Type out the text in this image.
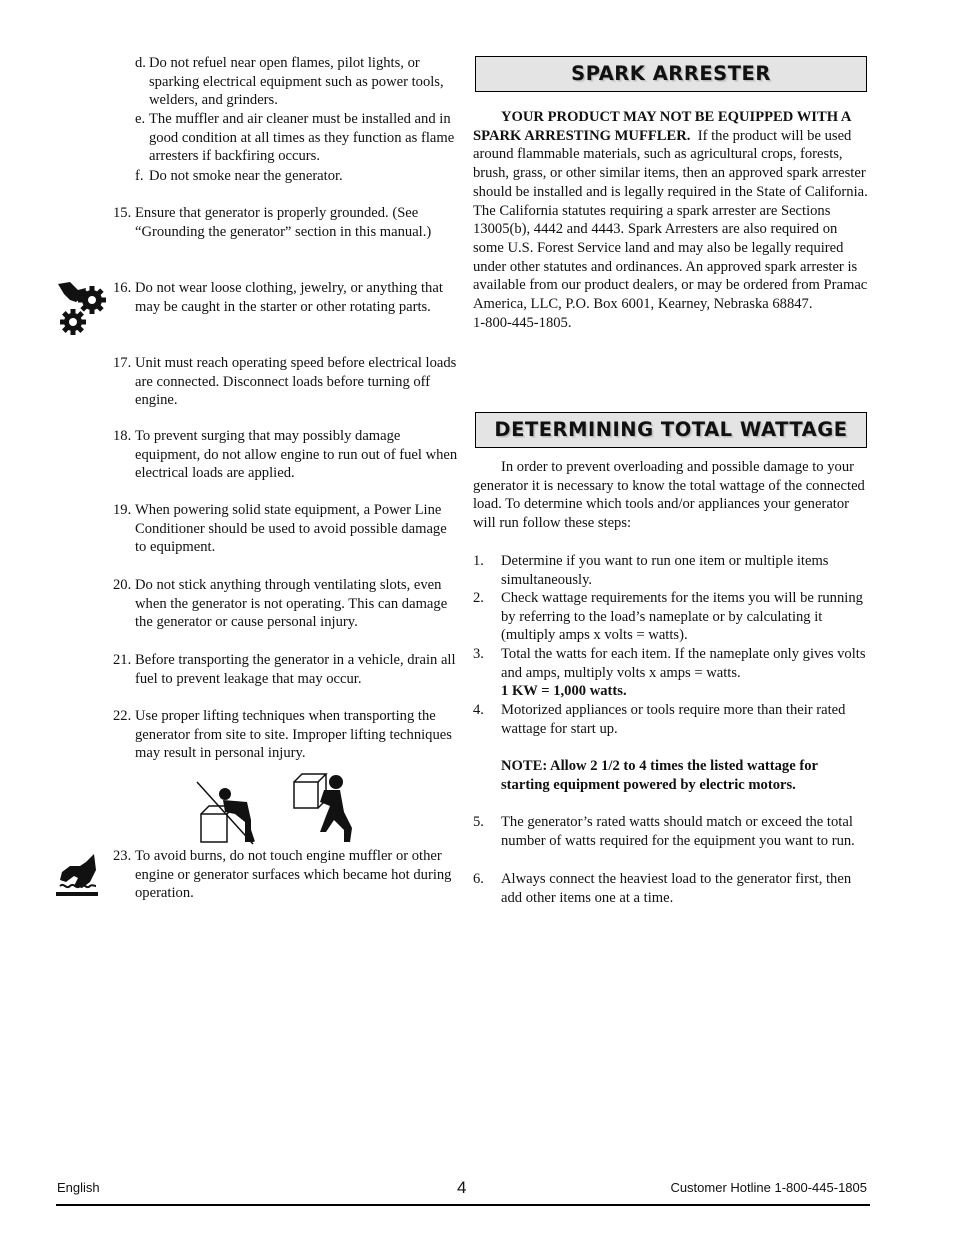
d. Do not refuel near open flames, pilot lights, or sparking electrical equipment such as power tools, welders, and grinders.
e. The muffler and air cleaner must be installed and in good condition at all times as they function as flame arresters if backfiring occurs.
f. Do not smoke near the generator.
15. Ensure that generator is properly grounded. (See “Grounding the generator” section in this manual.)
16. Do not wear loose clothing, jewelry, or anything that may be caught in the starter or other rotating parts.
17. Unit must reach operating speed before electrical loads are connected. Disconnect loads before turning off engine.
18. To prevent surging that may possibly damage equipment, do not allow engine to run out of fuel when electrical loads are applied.
19. When powering solid state equipment, a Power Line Conditioner should be used to avoid possible damage to equipment.
20. Do not stick anything through ventilating slots, even when the generator is not operating. This can damage the generator or cause personal injury.
21. Before transporting the generator in a vehicle, drain all fuel to prevent leakage that may occur.
22. Use proper lifting techniques when transporting the generator from site to site. Improper lifting techniques may result in personal injury.
23. To avoid burns, do not touch engine muffler or other engine or generator surfaces which became hot during operation.
SPARK ARRESTER
YOUR PRODUCT MAY NOT BE EQUIPPED WITH A SPARK ARRESTING MUFFLER. If the product will be used around flammable materials, such as agricultural crops, forests, brush, grass, or other similar items, then an approved spark arrester should be installed and is legally required in the State of California. The California statutes requiring a spark arrester are Sections 13005(b), 4442 and 4443. Spark Arresters are also required on some U.S. Forest Service land and may also be legally required under other statutes and ordinances. An approved spark arrester is available from our product dealers, or may be ordered from Pramac America, LLC, P.O. Box 6001, Kearney, Nebraska 68847.
1-800-445-1805.
DETERMINING TOTAL WATTAGE
In order to prevent overloading and possible damage to your generator it is necessary to know the total wattage of the connected load. To determine which tools and/or appliances your generator will run follow these steps:
1.	Determine if you want to run one item or multiple items simultaneously.
2.	Check wattage requirements for the items you will be running by referring to the load’s nameplate or by calculating it (multiply amps x volts = watts).
3.	Total the watts for each item. If the nameplate only gives volts and amps, multiply volts x amps = watts.
1 KW = 1,000 watts.
4.	Motorized appliances or tools require more than their rated wattage for start up.
NOTE: Allow 2 1/2 to 4 times the listed wattage for starting equipment powered by electric motors.
5.	The generator’s rated watts should match or exceed the total number of watts required for the equipment you want to run.
6.	Always connect the heaviest load to the generator first, then add other items one at a time.
English	4	Customer Hotline 1-800-445-1805
